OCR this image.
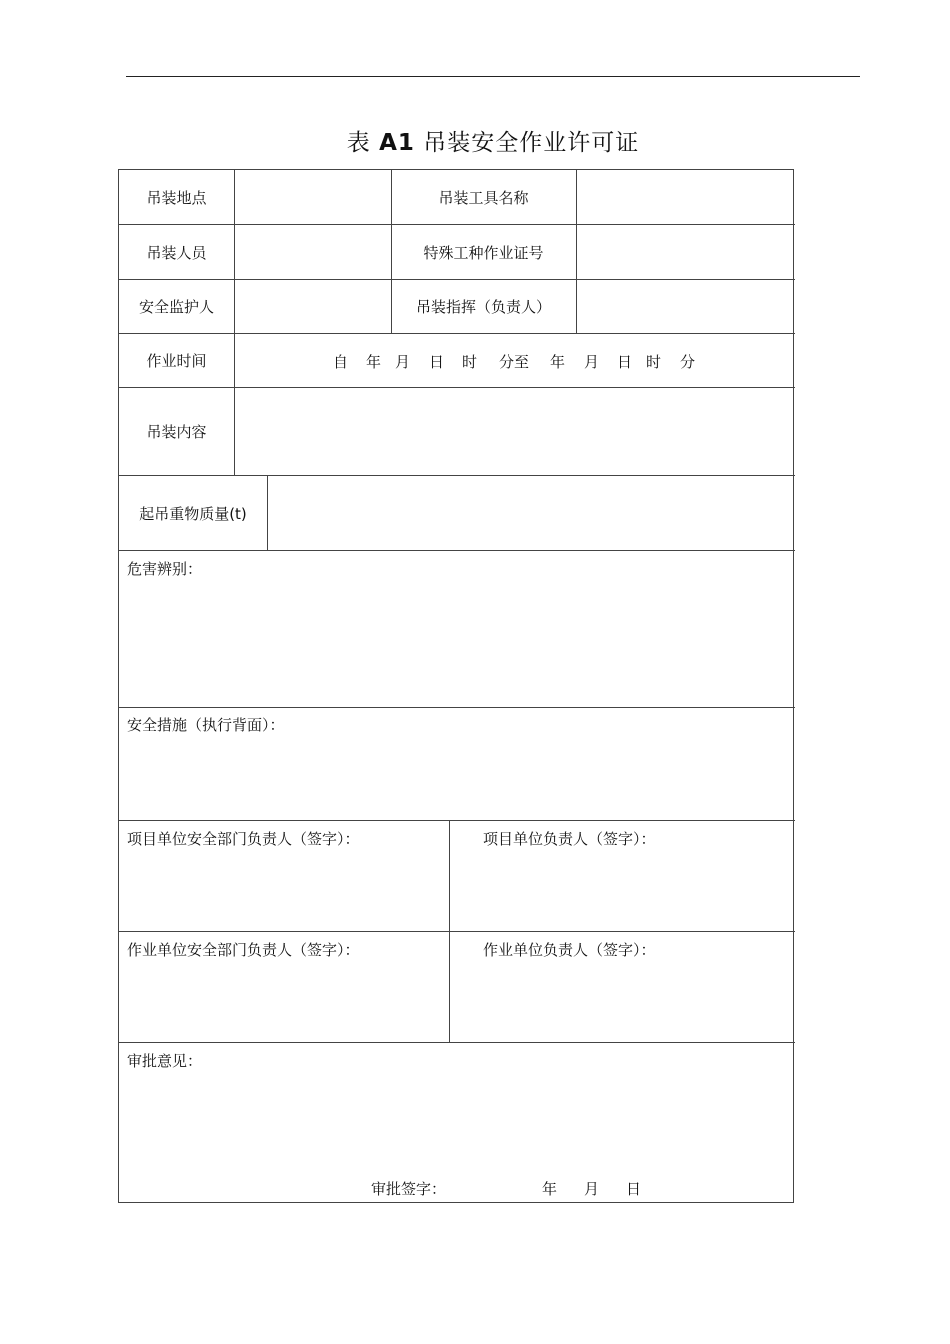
表 A1 吊装安全作业许可证
吊装地点	吊装工具名称
吊装人员	特殊工种作业证号
安全监护人	吊装指挥（负责人）
作业时间	自 年 月 日 时 分至 年 月 日 时 分
吊装内容
起吊重物质量(t)
危害辨别：
安全措施（执行背面）：
项目单位安全部门负责人（签字）：	项目单位负责人（签字）：
作业单位安全部门负责人（签字）：	作业单位负责人（签字）：
审批意见：
审批签字：	年 月 日
